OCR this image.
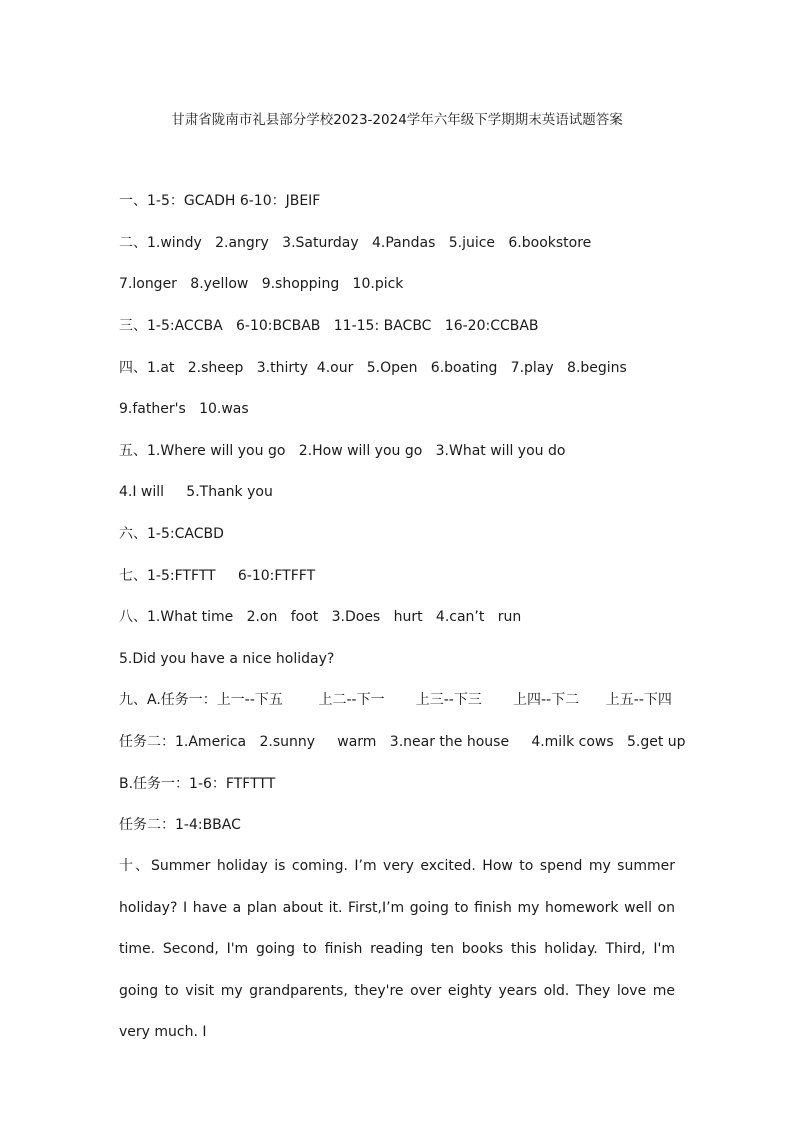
甘肃省陇南市礼县部分学校2023-2024学年六年级下学期期末英语试题答案
一、1-5：GCADH 6-10：JBEIF
二、1.windy   2.angry   3.Saturday   4.Pandas   5.juice   6.bookstore
7.longer   8.yellow   9.shopping   10.pick
三、1-5:ACCBA   6-10:BCBAB   11-15: BACBC   16-20:CCBAB
四、1.at   2.sheep   3.thirty  4.our   5.Open   6.boating   7.play   8.begins
9.father's   10.was
五、1.Where will you go   2.How will you go   3.What will you do
4.I will     5.Thank you
六、1-5:CACBD
七、1-5:FTFTT     6-10:FTFFT
八、1.What time   2.on   foot   3.Does   hurt   4.can’t   run
5.Did you have a nice holiday?
九、A.任务一：上一--下五        上二--下一       上三--下三       上四--下二      上五--下四
任务二：1.America   2.sunny     warm   3.near the house     4.milk cows   5.get up
B.任务一：1-6：FTFTTT
任务二：1-4:BBAC
十、Summer holiday is coming. I’m very excited. How to spend my summer holiday? I have a plan about it. First,I’m going to finish my homework well on time. Second, I'm going to finish reading ten books this holiday. Third, I'm going to visit my grandparents, they're over eighty years old. They love me very much. I
